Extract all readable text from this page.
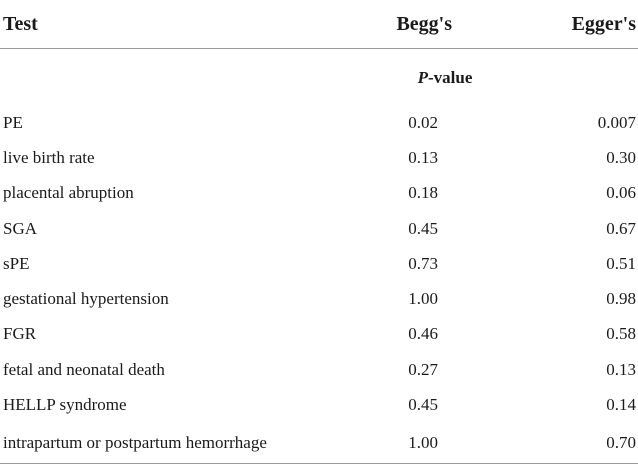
Test	Begg's	Egger's
	P-value	
PE	0.02	0.007
live birth rate	0.13	0.30
placental abruption	0.18	0.06
SGA	0.45	0.67
sPE	0.73	0.51
gestational hypertension	1.00	0.98
FGR	0.46	0.58
fetal and neonatal death	0.27	0.13
HELLP syndrome	0.45	0.14
intrapartum or postpartum hemorrhage	1.00	0.70
